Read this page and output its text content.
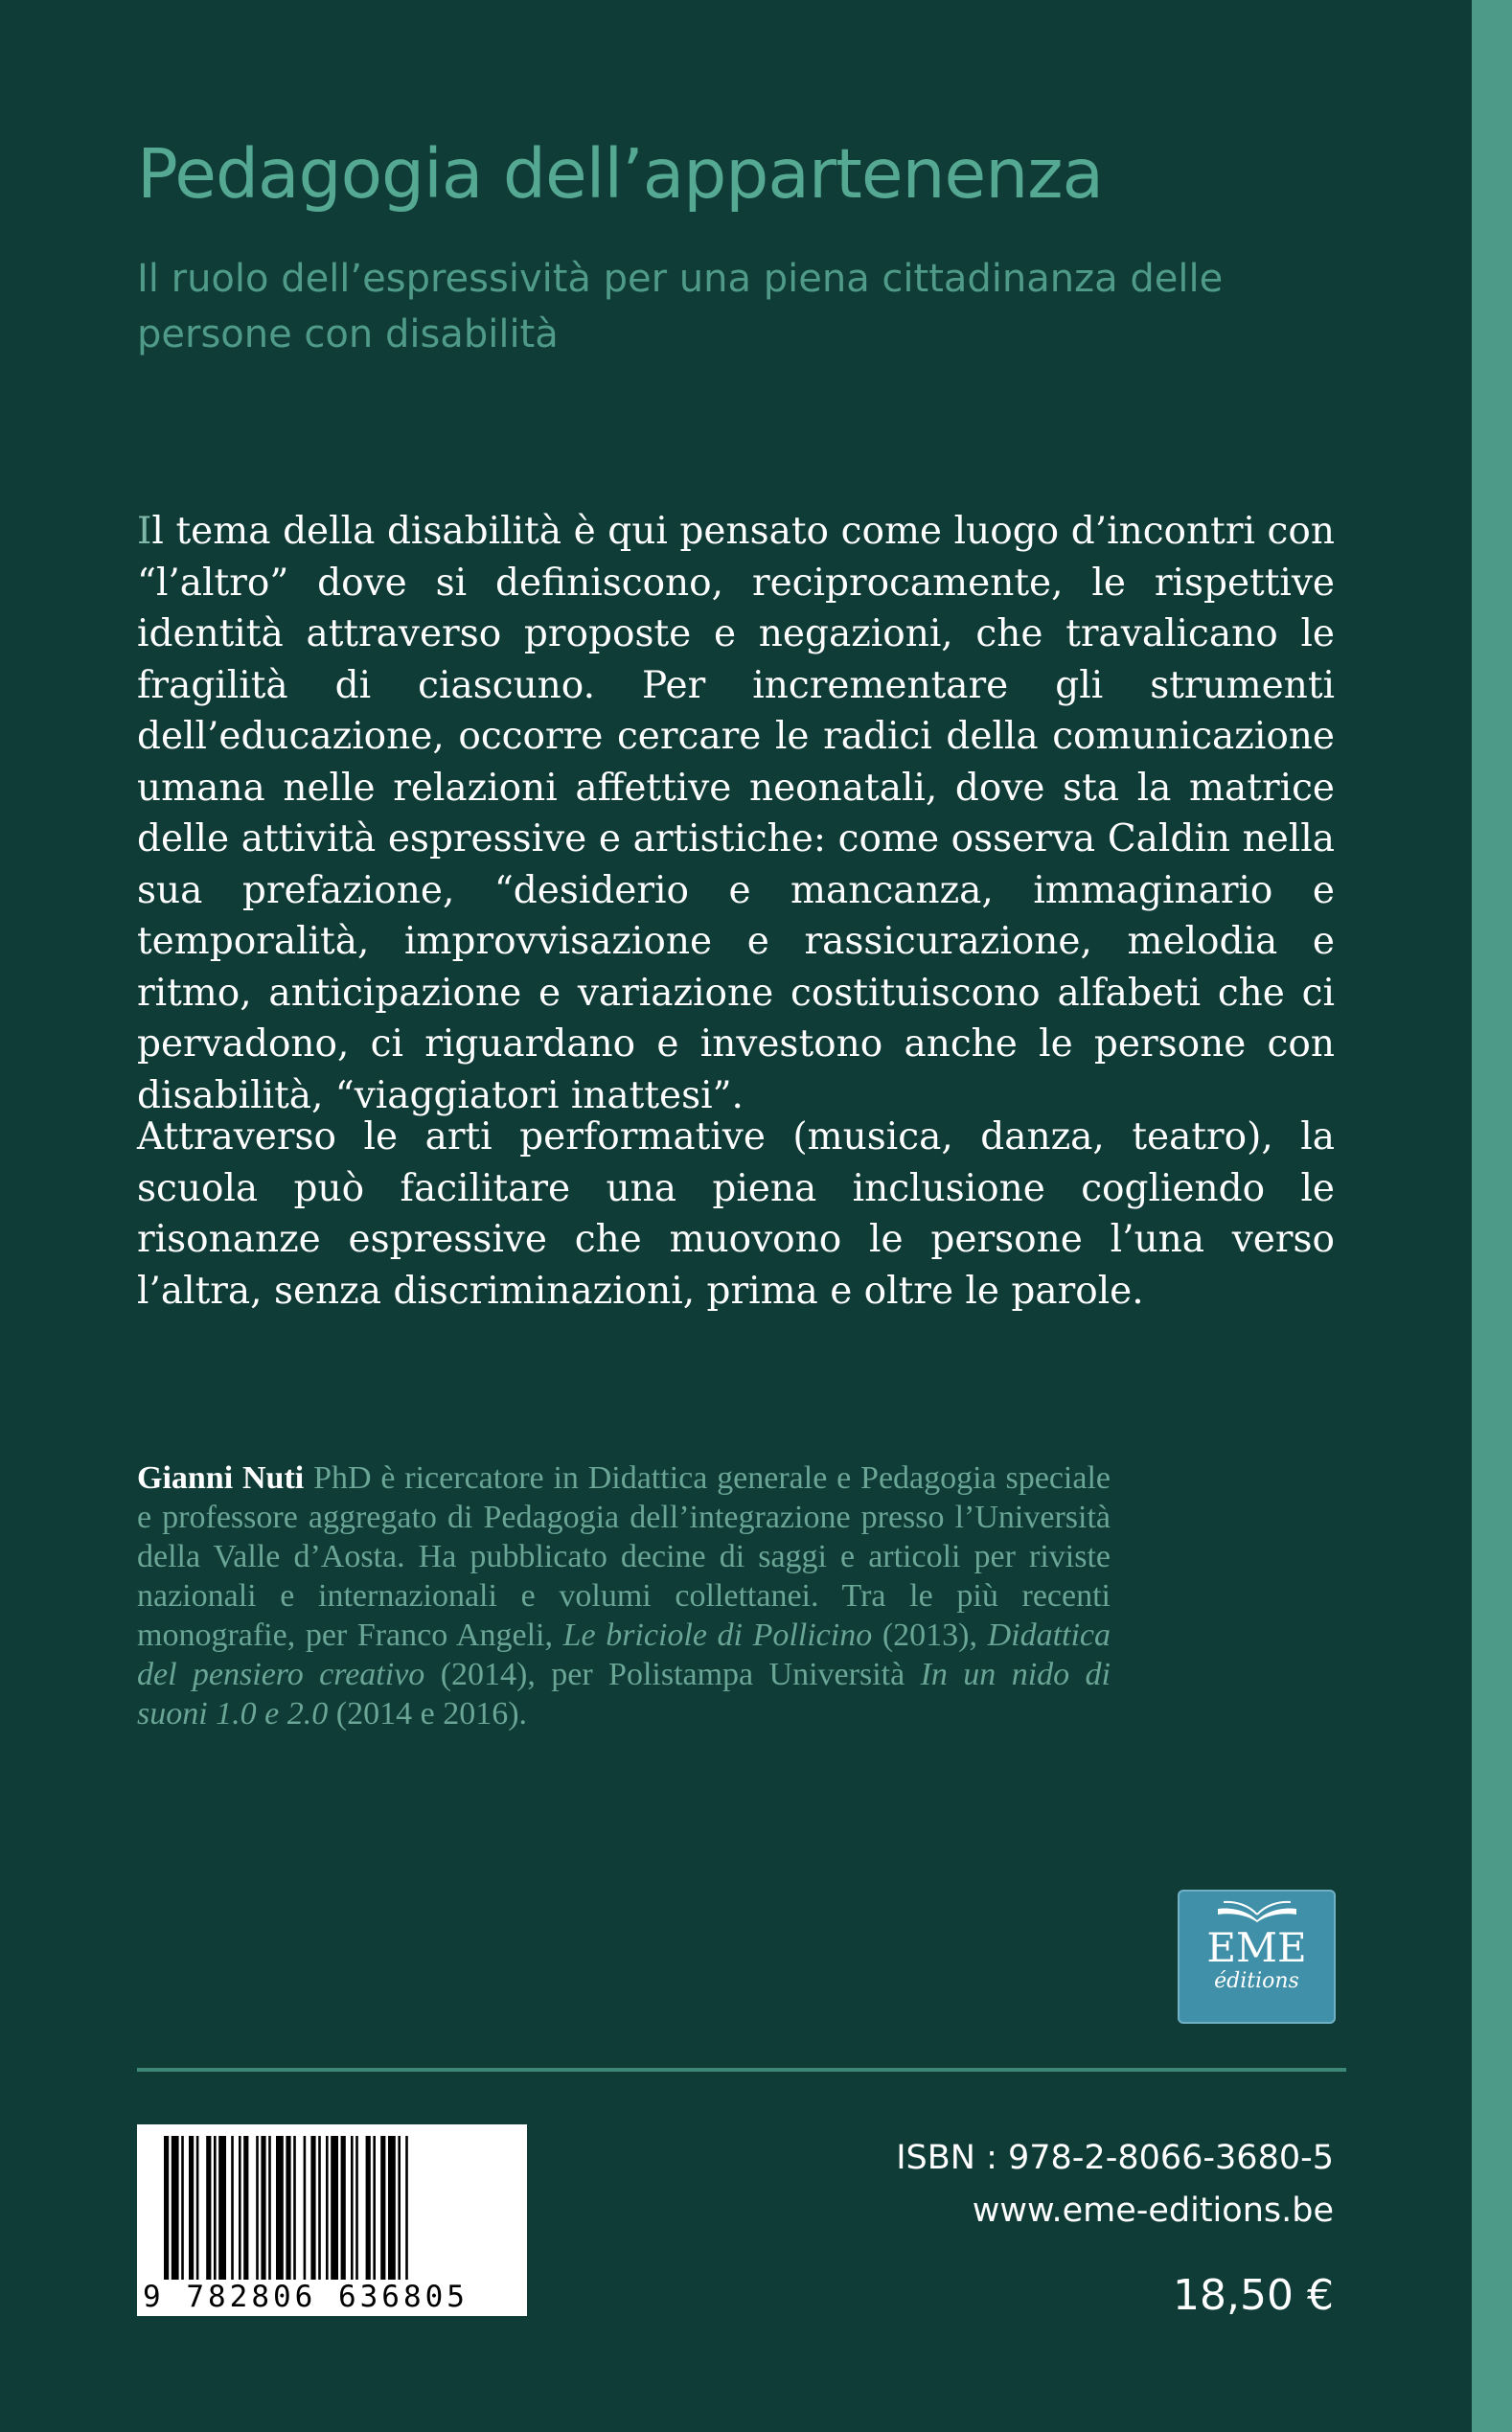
Pedagogia dell’appartenenza

Il ruolo dell’espressività per una piena cittadinanza delle persone con disabilità

Il tema della disabilità è qui pensato come luogo d’incontri con “l’altro” dove si definiscono, reciprocamente, le rispettive identità attraverso proposte e negazioni, che travalicano le fragilità di ciascuno. Per incrementare gli strumenti dell’educazione, occorre cercare le radici della comunicazione umana nelle relazioni affettive neonatali, dove sta la matrice delle attività espressive e artistiche: come osserva Caldin nella sua prefazione, “desiderio e mancanza, immaginario e temporalità, improvvisazione e rassicurazione, melodia e ritmo, anticipazione e variazione costituiscono alfabeti che ci pervadono, ci riguardano e investono anche le persone con disabilità, “viaggiatori inattesi”.

Attraverso le arti performative (musica, danza, teatro), la scuola può facilitare una piena inclusione cogliendo le risonanze espressive che muovono le persone l’una verso l’altra, senza discriminazioni, prima e oltre le parole.

Gianni Nuti PhD è ricercatore in Didattica generale e Pedagogia speciale e professore aggregato di Pedagogia dell’integrazione presso l’Università della Valle d’Aosta. Ha pubblicato decine di saggi e articoli per riviste nazionali e internazionali e volumi collettanei. Tra le più recenti monografie, per Franco Angeli, Le briciole di Pollicino (2013), Didattica del pensiero creativo (2014), per Polistampa Università In un nido di suoni 1.0 e 2.0 (2014 e 2016).

EME
éditions
9 782806 636805
ISBN : 978-2-8066-3680-5
www.eme-editions.be
18,50 €
